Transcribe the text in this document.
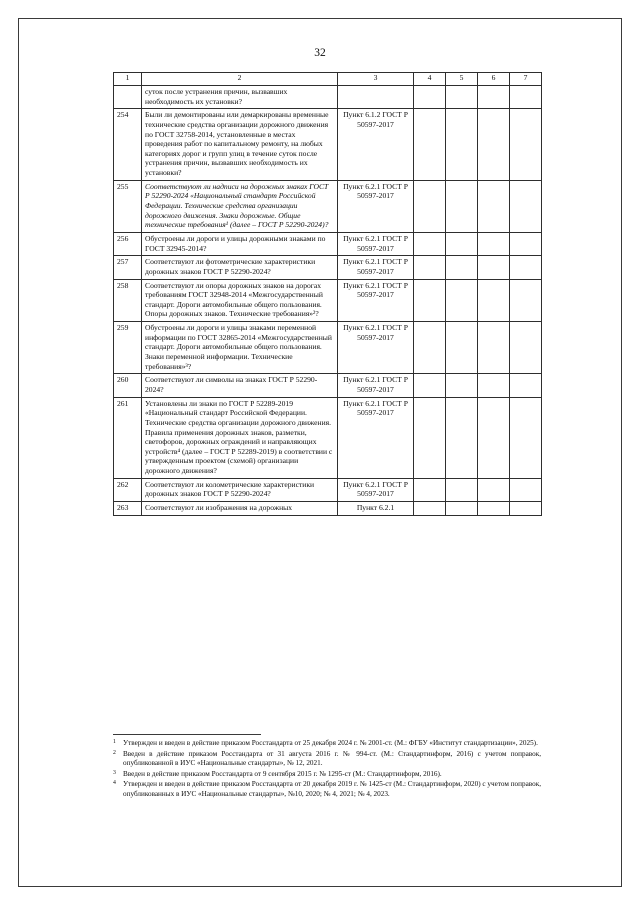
32
1	2	3	4	5	6	7
	суток после устранения причин, вызвавших необходимость их установки?					
254	Были ли демонтированы или демаркированы временные технические средства организации дорожного движения по ГОСТ 32758-2014, установленные в местах проведения работ по капитальному ремонту, на любых категориях дорог и групп улиц в течение суток после устранения причин, вызвавших необходимость их установки?	Пункт 6.1.2 ГОСТ Р 50597-2017				
255	Соответствуют ли надписи на дорожных знаках ГОСТ Р 52290-2024 «Национальный стандарт Российской Федерации. Технические средства организации дорожного движения. Знаки дорожные. Общие технические требования¹ (далее – ГОСТ Р 52290-2024)?	Пункт 6.2.1 ГОСТ Р 50597-2017				
256	Обустроены ли дороги и улицы дорожными знаками по ГОСТ 32945-2014?	Пункт 6.2.1 ГОСТ Р 50597-2017				
257	Соответствуют ли фотометрические характеристики дорожных знаков ГОСТ Р 52290-2024?	Пункт 6.2.1 ГОСТ Р 50597-2017				
258	Соответствуют ли опоры дорожных знаков на дорогах требованиям ГОСТ 32948-2014 «Межгосударственный стандарт. Дороги автомобильные общего пользования. Опоры дорожных знаков. Технические требования»²?	Пункт 6.2.1 ГОСТ Р 50597-2017				
259	Обустроены ли дороги и улицы знаками переменной информации по ГОСТ 32865-2014 «Межгосударственный стандарт. Дороги автомобильные общего пользования. Знаки переменной информации. Технические требования»³?	Пункт 6.2.1 ГОСТ Р 50597-2017				
260	Соответствуют ли символы на знаках ГОСТ Р 52290-2024?	Пункт 6.2.1 ГОСТ Р 50597-2017				
261	Установлены ли знаки по ГОСТ Р 52289-2019 «Национальный стандарт Российской Федерации. Технические средства организации дорожного движения. Правила применения дорожных знаков, разметки, светофоров, дорожных ограждений и направляющих устройств⁴ (далее – ГОСТ Р 52289-2019) в соответствии с утвержденным проектом (схемой) организации дорожного движения?	Пункт 6.2.1 ГОСТ Р 50597-2017				
262	Соответствуют ли колометрические характеристики дорожных знаков ГОСТ Р 52290-2024?	Пункт 6.2.1 ГОСТ Р 50597-2017				
263	Соответствуют ли изображения на дорожных	Пункт 6.2.1				
1 Утвержден и введен в действие приказом Росстандарта от 25 декабря 2024 г. № 2001-ст. (М.: ФГБУ «Институт стандартизации», 2025).
2 Введен в действие приказом Росстандарта от 31 августа 2016 г. № 994-ст. (М.: Стандартинформ, 2016) с учетом поправок, опубликованной в ИУС «Национальные стандарты», № 12, 2021.
3 Введен в действие приказом Росстандарта от 9 сентября 2015 г. № 1295-ст (М.: Стандартинформ, 2016).
4 Утвержден и введен в действие приказом Росстандарта от 20 декабря 2019 г. № 1425-ст (М.: Стандартинформ, 2020) с учетом поправок, опубликованных в ИУС «Национальные стандарты», №10, 2020; № 4, 2021; № 4, 2023.
